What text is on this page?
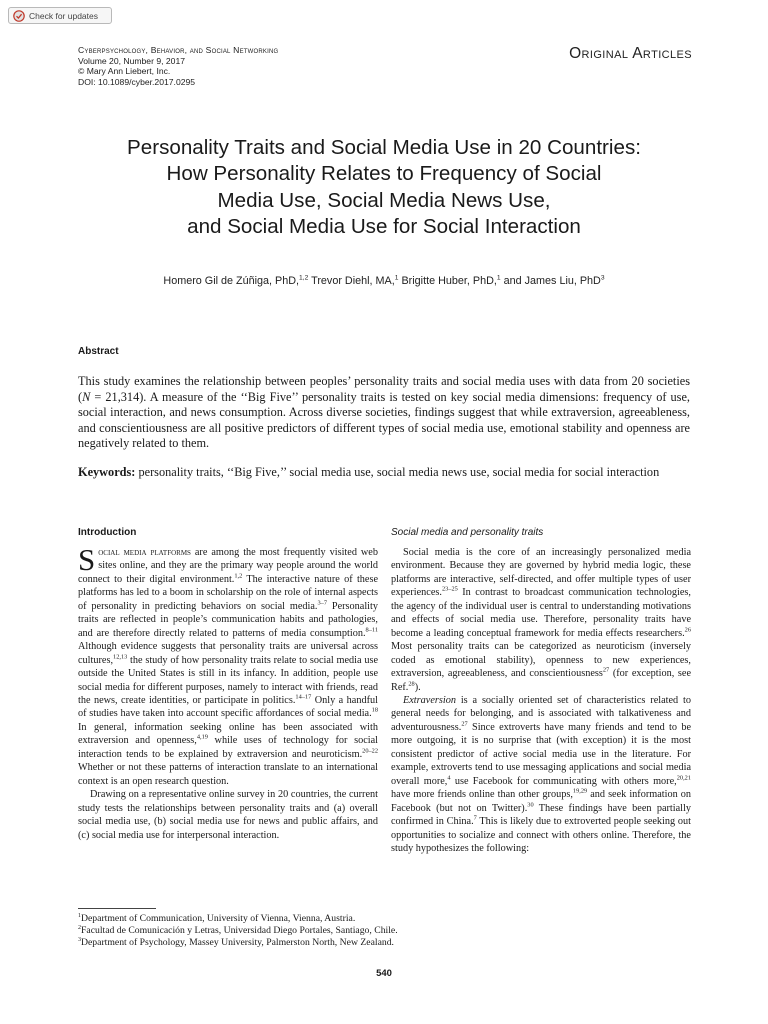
Check for updates
Cyberpsychology, Behavior, and Social Networking
Volume 20, Number 9, 2017
© Mary Ann Liebert, Inc.
DOI: 10.1089/cyber.2017.0295
Original Articles
Personality Traits and Social Media Use in 20 Countries:
How Personality Relates to Frequency of Social
Media Use, Social Media News Use,
and Social Media Use for Social Interaction
Homero Gil de Zúñiga, PhD,$^{1,2}$ Trevor Diehl, MA,$^1$ Brigitte Huber, PhD,$^1$ and James Liu, PhD$^3$
Abstract
This study examines the relationship between peoples’ personality traits and social media uses with data from 20 societies (N = 21,314). A measure of the ‘‘Big Five’’ personality traits is tested on key social media dimensions: frequency of use, social interaction, and news consumption. Across diverse societies, findings suggest that while extraversion, agreeableness, and conscientiousness are all positive predictors of different types of social media use, emotional stability and openness are negatively related to them.
Keywords: personality traits, ‘‘Big Five,’’ social media use, social media news use, social media for social interaction
Introduction	Social media and personality traits

Social media platforms are among the most frequently visited web sites online, and they are the primary way people around the world connect to their digital environment.$^{1,2}$ The interactive nature of these platforms has led to a boom in scholarship on the role of internal aspects of personality in predicting behaviors on social media.$^{3-7}$ Personality traits are reflected in people’s communication habits and pathologies, and are therefore directly related to patterns of media consumption.$^{8-11}$ Although evidence suggests that personality traits are universal across cultures,$^{12,13}$ the study of how personality traits relate to social media use outside the United States is still in its infancy. In addition, people use social media for different purposes, namely to interact with friends, read the news, create identities, or participate in politics.$^{14-17}$ Only a handful of studies have taken into account specific affordances of social media.$^{18}$ In general, information seeking online has been associated with extraversion and openness,$^{4,19}$ while uses of technology for social interaction tends to be explained by extraversion and neuroticism.$^{20-22}$ Whether or not these patterns of interaction translate to an international context is an open research question.

Drawing on a representative online survey in 20 countries, the current study tests the relationships between personality traits and (a) overall social media use, (b) social media use for news and public affairs, and (c) social media use for interpersonal interaction.

Social media is the core of an increasingly personalized media environment. Because they are governed by hybrid media logic, these platforms are interactive, self-directed, and offer multiple types of user experiences.$^{23-25}$ In contrast to broadcast communication technologies, the agency of the individual user is central to understanding motivations and effects of social media use. Therefore, personality traits have become a leading conceptual framework for media effects researchers.$^{26}$ Most personality traits can be categorized as neuroticism (inversely coded as emotional stability), openness to new experiences, extraversion, agreeableness, and conscientiousness$^{27}$ (for exception, see Ref.$^{28}$).

Extraversion is a socially oriented set of characteristics related to general needs for belonging, and is associated with talkativeness and adventurousness.$^{27}$ Since extroverts have many friends and tend to be more outgoing, it is no surprise that (with exception) it is the most consistent predictor of active social media use in the literature. For example, extroverts tend to use messaging applications and social media overall more,$^4$ use Facebook for communicating with others more,$^{20,21}$ have more friends online than other groups,$^{19,29}$ and seek information on Facebook (but not on Twitter).$^{30}$ These findings have been partially confirmed in China.$^7$ This is likely due to extroverted people seeking out opportunities to socialize and connect with others online. Therefore, the study hypothesizes the following:

$^1$Department of Communication, University of Vienna, Vienna, Austria.
$^2$Facultad de Comunicación y Letras, Universidad Diego Portales, Santiago, Chile.
$^3$Department of Psychology, Massey University, Palmerston North, New Zealand.
540
